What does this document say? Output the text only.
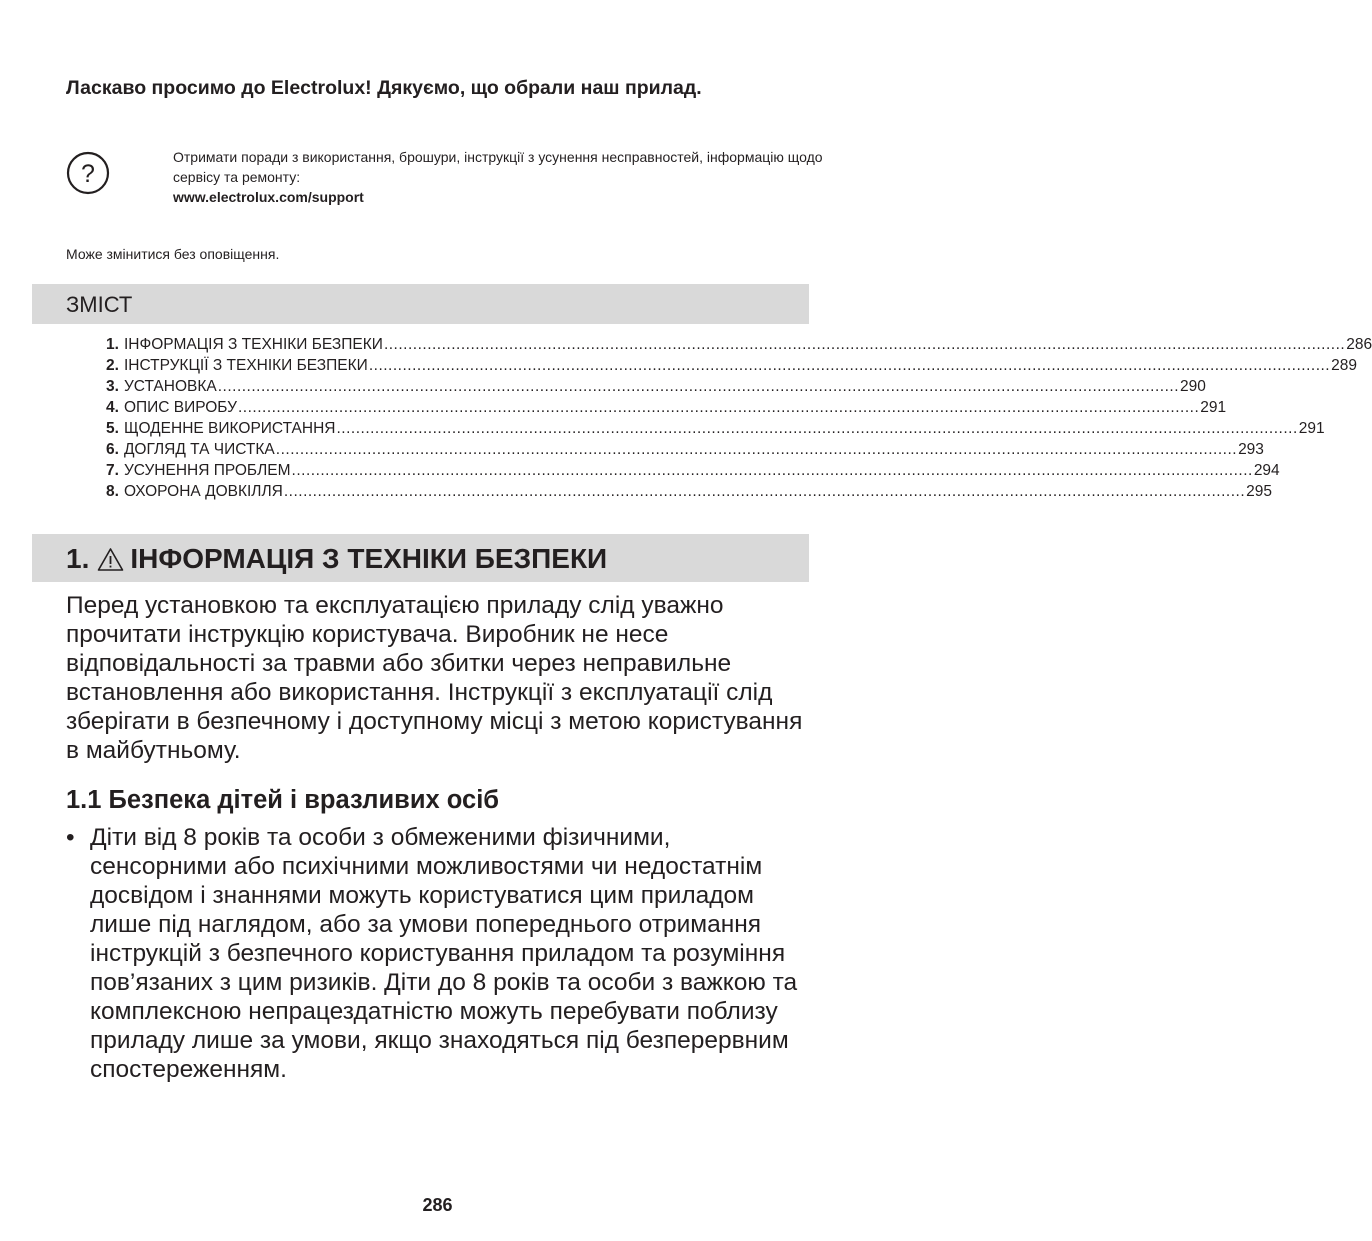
Ласкаво просимо до Electrolux! Дякуємо, що обрали наш прилад.
?
Отримати поради з використання, брошури, інструкції з усунення несправностей, інформацію щодо сервісу та ремонту:
www.electrolux.com/support
Може змінитися без оповіщення.
ЗМІСТ
1. ІНФОРМАЦІЯ З ТЕХНІКИ БЕЗПЕКИ ........................................................................................................................................................................................................ 286
2. ІНСТРУКЦІЇ З ТЕХНІКИ БЕЗПЕКИ ........................................................................................................................................................................................................ 289
3. УСТАНОВКА ........................................................................................................................................................................................................ 290
4. ОПИС ВИРОБУ ........................................................................................................................................................................................................ 291
5. ЩОДЕННЕ ВИКОРИСТАННЯ ........................................................................................................................................................................................................ 291
6. ДОГЛЯД ТА ЧИСТКА ........................................................................................................................................................................................................ 293
7. УСУНЕННЯ ПРОБЛЕМ ........................................................................................................................................................................................................ 294
8. ОХОРОНА ДОВКІЛЛЯ ........................................................................................................................................................................................................ 295
1. ІНФОРМАЦІЯ З ТЕХНІКИ БЕЗПЕКИ
Перед установкою та експлуатацією приладу слід уважно прочитати інструкцію користувача. Виробник не несе відповідальності за травми або збитки через неправильне встановлення або використання. Інструкції з експлуатації слід зберігати в безпечному і доступному місці з метою користування в майбутньому.
1.1 Безпека дітей і вразливих осіб
• Діти від 8 років та особи з обмеженими фізичними, сенсорними або психічними можливостями чи недостатнім досвідом і знаннями можуть користуватися цим приладом лише під наглядом, або за умови попереднього отримання інструкцій з безпечного користування приладом та розуміння пов’язаних з цим ризиків. Діти до 8 років та особи з важкою та комплексною непрацездатністю можуть перебувати поблизу приладу лише за умови, якщо знаходяться під безперервним спостереженням.
286
